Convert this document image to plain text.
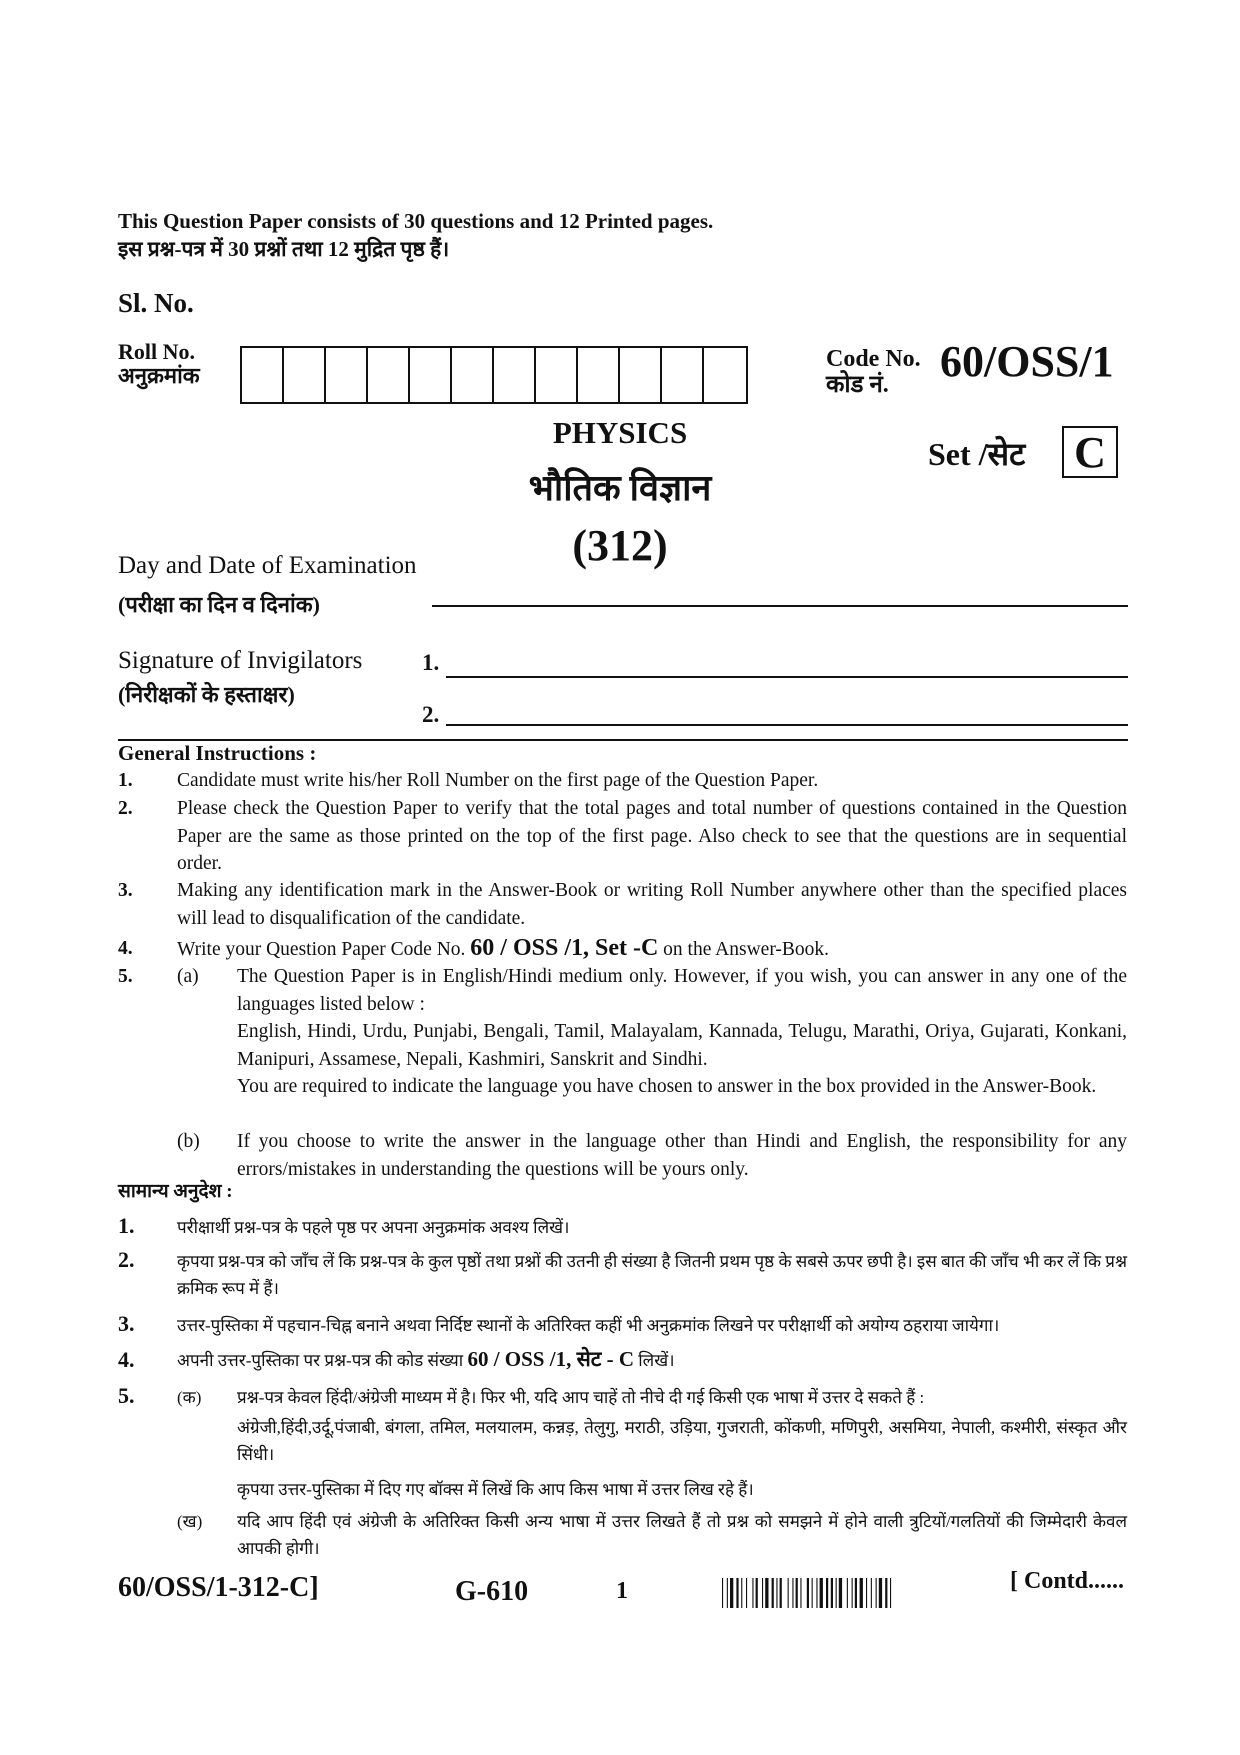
This Question Paper consists of 30 questions and 12 Printed pages.
इस प्रश्न-पत्र में 30 प्रश्नों तथा 12 मुद्रित पृष्ठ हैं।
Sl. No.
Roll No.
अनुक्रमांक
Code No.
कोड नं.	60/OSS/1
PHYSICS
भौतिक विज्ञान
(312)
Set /सेट C
Day and Date of Examination
(परीक्षा का दिन व दिनांक)
Signature of Invigilators
(निरीक्षकों के हस्ताक्षर)
1.
2.
General Instructions :
1. Candidate must write his/her Roll Number on the first page of the Question Paper.
2. Please check the Question Paper to verify that the total pages and total number of questions contained in the Question Paper are the same as those printed on the top of the first page. Also check to see that the questions are in sequential order.
3. Making any identification mark in the Answer-Book or writing Roll Number anywhere other than the specified places will lead to disqualification of the candidate.
4. Write your Question Paper Code No. 60 / OSS /1, Set -C on the Answer-Book.
5. (a) The Question Paper is in English/Hindi medium only. However, if you wish, you can answer in any one of the languages listed below :
English, Hindi, Urdu, Punjabi, Bengali, Tamil, Malayalam, Kannada, Telugu, Marathi, Oriya, Gujarati, Konkani, Manipuri, Assamese, Nepali, Kashmiri, Sanskrit and Sindhi.
You are required to indicate the language you have chosen to answer in the box provided in the Answer-Book.
(b) If you choose to write the answer in the language other than Hindi and English, the responsibility for any errors/mistakes in understanding the questions will be yours only.
सामान्य अनुदेश :
1.	परीक्षार्थी प्रश्न-पत्र के पहले पृष्ठ पर अपना अनुक्रमांक अवश्य लिखें।
2.	कृपया प्रश्न-पत्र को जाँच लें कि प्रश्न-पत्र के कुल पृष्ठों तथा प्रश्नों की उतनी ही संख्या है जितनी प्रथम पृष्ठ के सबसे ऊपर छपी है। इस बात की जाँच भी कर लें कि प्रश्न क्रमिक रूप में हैं।
3.	उत्तर-पुस्तिका में पहचान-चिह्न बनाने अथवा निर्दिष्ट स्थानों के अतिरिक्त कहीं भी अनुक्रमांक लिखने पर परीक्षार्थी को अयोग्य ठहराया जायेगा।
4.	अपनी उत्तर-पुस्तिका पर प्रश्न-पत्र की कोड संख्या 60 / OSS /1, सेट - C लिखें।
5.	(क) प्रश्न-पत्र केवल हिंदी/अंग्रेजी माध्यम में है। फिर भी, यदि आप चाहें तो नीचे दी गई किसी एक भाषा में उत्तर दे सकते हैं :
अंग्रेजी,हिंदी,उर्दू,पंजाबी, बंगला, तमिल, मलयालम, कन्नड़, तेलुगु, मराठी, उड़िया, गुजराती, कोंकणी, मणिपुरी, असमिया, नेपाली, कश्मीरी, संस्कृत और सिंधी।
कृपया उत्तर-पुस्तिका में दिए गए बॉक्स में लिखें कि आप किस भाषा में उत्तर लिख रहे हैं।
(ख) यदि आप हिंदी एवं अंग्रेजी के अतिरिक्त किसी अन्य भाषा में उत्तर लिखते हैं तो प्रश्न को समझने में होने वाली त्रुटियों/गलतियों की जिम्मेदारी केवल आपकी होगी।
60/OSS/1-312-C]	G-610	1	[ Contd......
